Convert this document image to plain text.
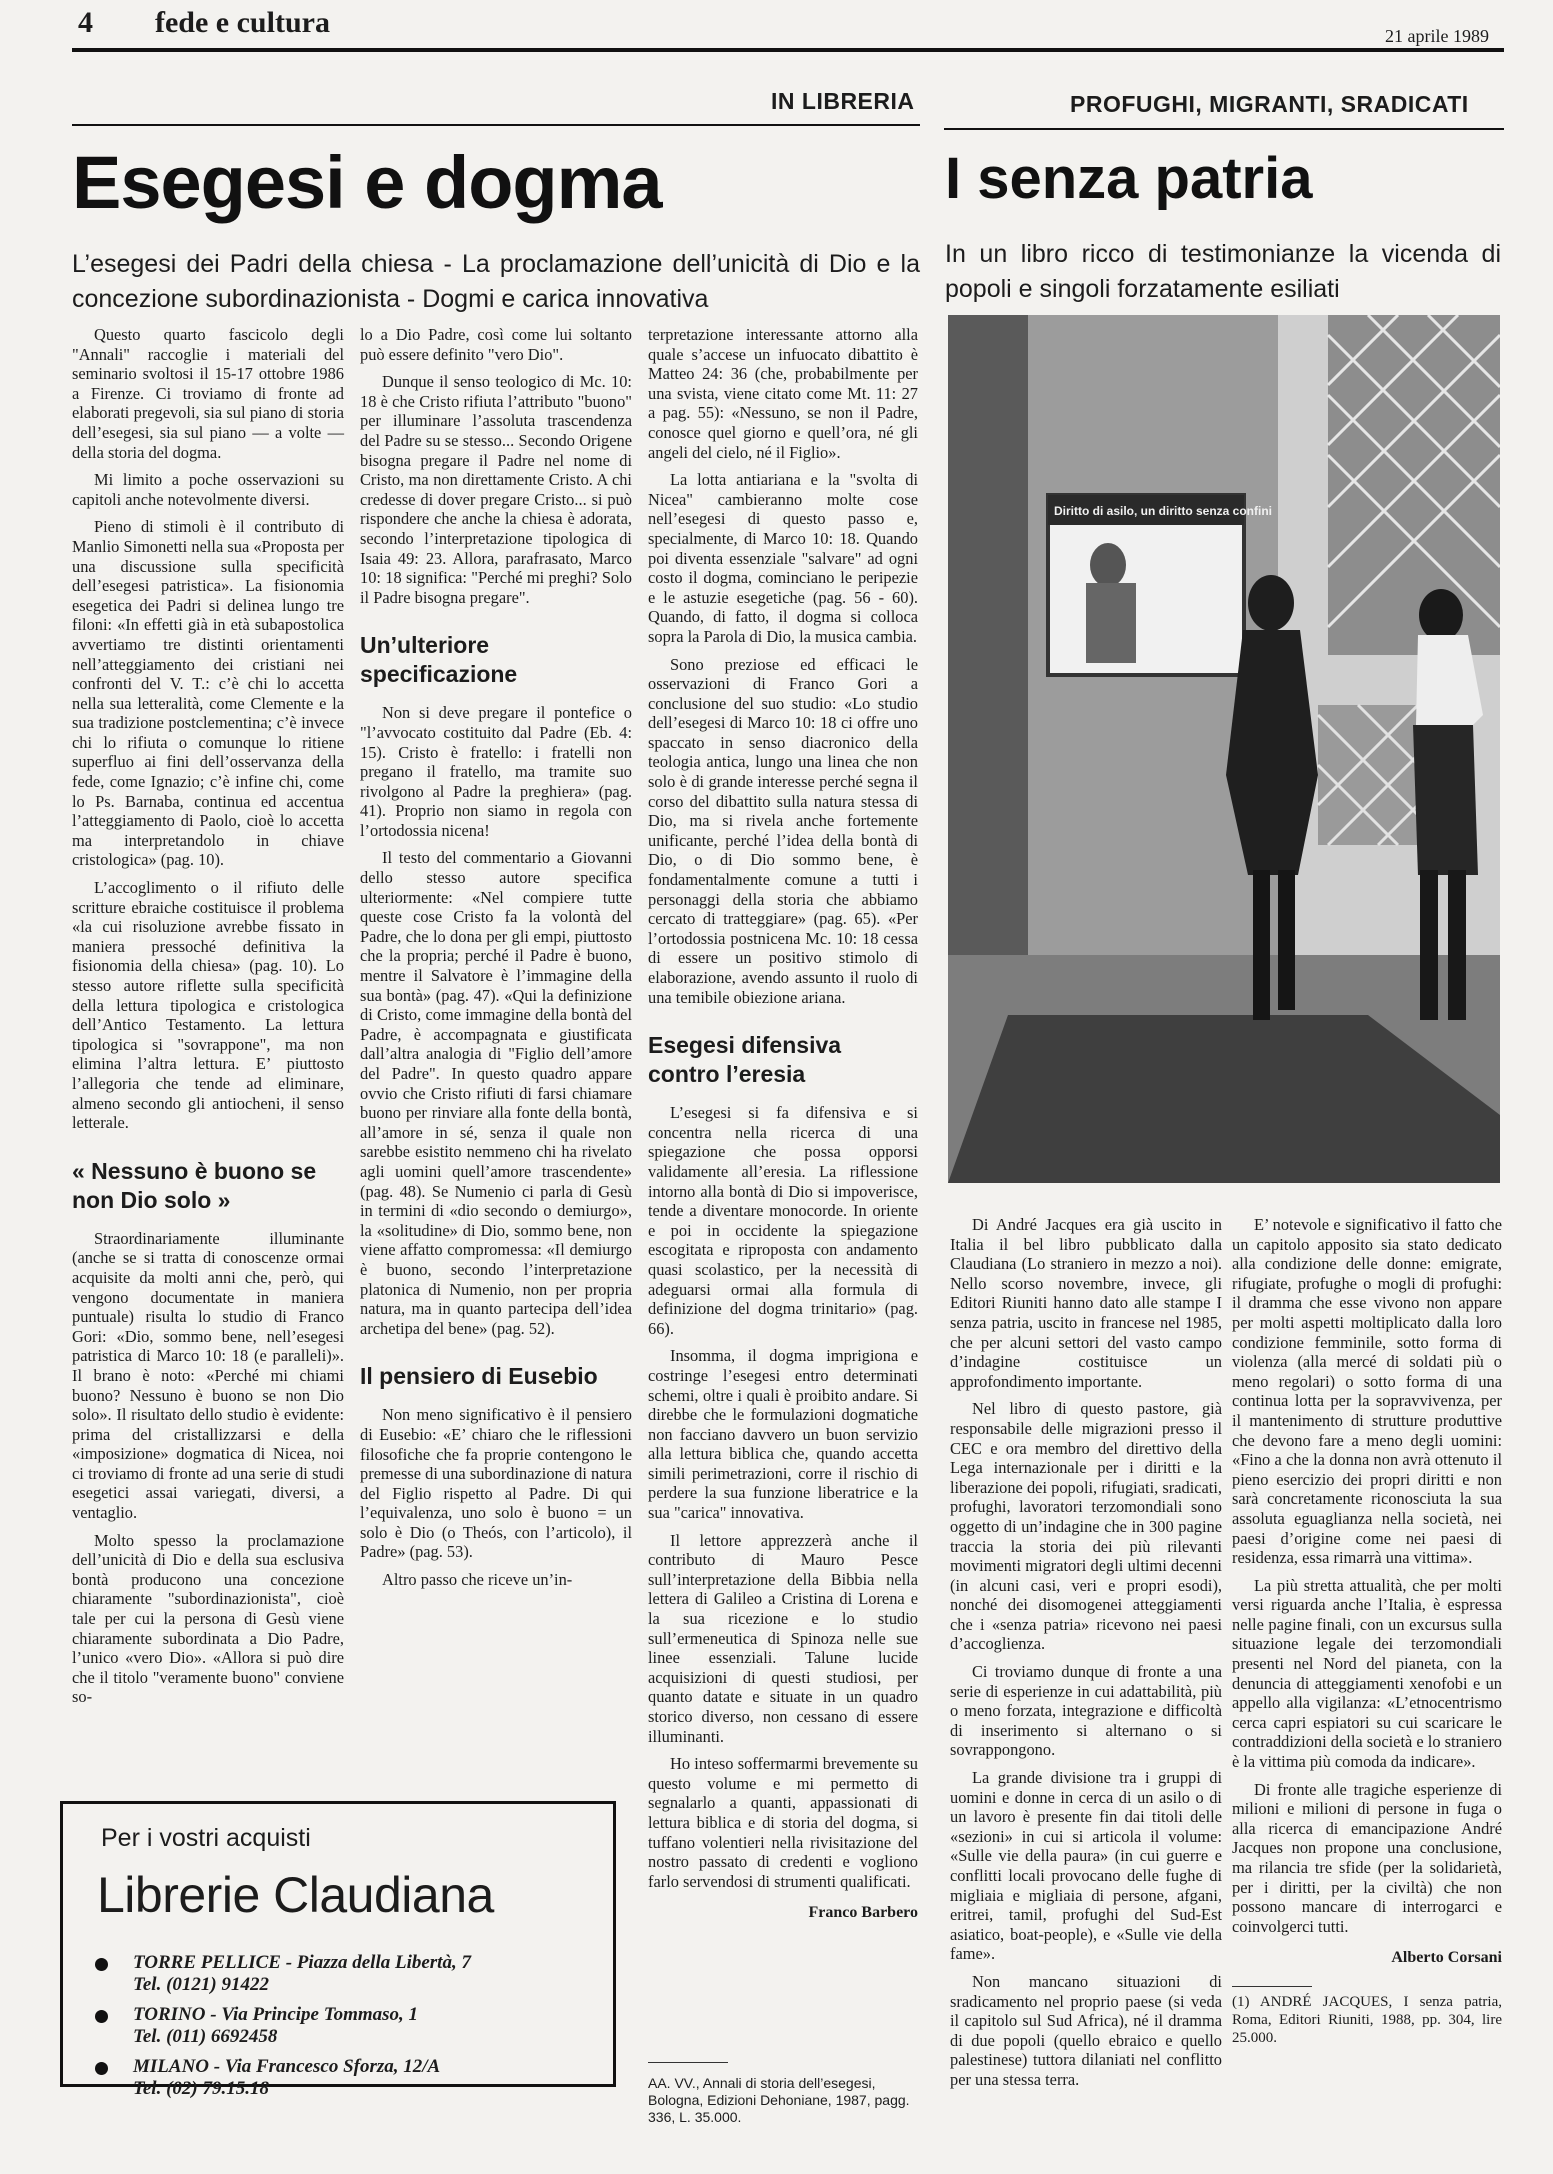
4 fede e cultura	21 aprile 1989
IN LIBRERIA	PROFUGHI, MIGRANTI, SRADICATI
Esegesi e dogma	I senza patria
L’esegesi dei Padri della chiesa - La proclamazione dell’unicità di Dio e la concezione subordinazionista - Dogmi e carica innovativa
In un libro ricco di testimonianze la vicenda di popoli e singoli forzatamente esiliati

Questo quarto fascicolo degli "Annali" raccoglie i materiali del seminario svoltosi il 15-17 ottobre 1986 a Firenze. Ci troviamo di fronte ad elaborati pregevoli, sia sul piano di storia dell’esegesi, sia sul piano — a volte — della storia del dogma.

Mi limito a poche osservazioni su capitoli anche notevolmente diversi.

Pieno di stimoli è il contributo di Manlio Simonetti nella sua «Proposta per una discussione sulla specificità dell’esegesi patristica». La fisionomia esegetica dei Padri si delinea lungo tre filoni: «In effetti già in età subapostolica avvertiamo tre distinti orientamenti nell’atteggiamento dei cristiani nei confronti del V. T.: c’è chi lo accetta nella sua letteralità, come Clemente e la sua tradizione postclementina; c’è invece chi lo rifiuta o comunque lo ritiene superfluo ai fini dell’osservanza della fede, come Ignazio; c’è infine chi, come lo Ps. Barnaba, continua ed accentua l’atteggiamento di Paolo, cioè lo accetta ma interpretandolo in chiave cristologica» (pag. 10).

L’accoglimento o il rifiuto delle scritture ebraiche costituisce il problema «la cui risoluzione avrebbe fissato in maniera pressoché definitiva la fisionomia della chiesa» (pag. 10). Lo stesso autore riflette sulla specificità della lettura tipologica e cristologica dell’Antico Testamento. La lettura tipologica si "sovrappone", ma non elimina l’altra lettura. E’ piuttosto l’allegoria che tende ad eliminare, almeno secondo gli antiocheni, il senso letterale.

« Nessuno è buono se non Dio solo »

Straordinariamente illuminante (anche se si tratta di conoscenze ormai acquisite da molti anni che, però, qui vengono documentate in maniera puntuale) risulta lo studio di Franco Gori: «Dio, sommo bene, nell’esegesi patristica di Marco 10: 18 (e paralleli)». Il brano è noto: «Perché mi chiami buono? Nessuno è buono se non Dio solo». Il risultato dello studio è evidente: prima del cristallizzarsi e della «imposizione» dogmatica di Nicea, noi ci troviamo di fronte ad una serie di studi esegetici assai variegati, diversi, a ventaglio.

Molto spesso la proclamazione dell’unicità di Dio e della sua esclusiva bontà producono una concezione chiaramente "subordinazionista", cioè tale per cui la persona di Gesù viene chiaramente subordinata a Dio Padre, l’unico «vero Dio». «Allora si può dire che il titolo "veramente buono" conviene so-

lo a Dio Padre, così come lui soltanto può essere definito "vero Dio".

Dunque il senso teologico di Mc. 10: 18 è che Cristo rifiuta l’attributo "buono" per illuminare l’assoluta trascendenza del Padre su se stesso... Secondo Origene bisogna pregare il Padre nel nome di Cristo, ma non direttamente Cristo. A chi credesse di dover pregare Cristo... si può rispondere che anche la chiesa è adorata, secondo l’interpretazione tipologica di Isaia 49: 23. Allora, parafrasato, Marco 10: 18 significa: "Perché mi preghi? Solo il Padre bisogna pregare".

Un’ulteriore specificazione

Non si deve pregare il pontefice o "l’avvocato costituito dal Padre (Eb. 4: 15). Cristo è fratello: i fratelli non pregano il fratello, ma tramite suo rivolgono al Padre la preghiera» (pag. 41). Proprio non siamo in regola con l’ortodossia nicena!

Il testo del commentario a Giovanni dello stesso autore specifica ulteriormente: «Nel compiere tutte queste cose Cristo fa la volontà del Padre, che lo dona per gli empi, piuttosto che la propria; perché il Padre è buono, mentre il Salvatore è l’immagine della sua bontà» (pag. 47). «Qui la definizione di Cristo, come immagine della bontà del Padre, è accompagnata e giustificata dall’altra analogia di "Figlio dell’amore del Padre". In questo quadro appare ovvio che Cristo rifiuti di farsi chiamare buono per rinviare alla fonte della bontà, all’amore in sé, senza il quale non sarebbe esistito nemmeno chi ha rivelato agli uomini quell’amore trascendente» (pag. 48). Se Numenio ci parla di Gesù in termini di «dio secondo o demiurgo», la «solitudine» di Dio, sommo bene, non viene affatto compromessa: «Il demiurgo è buono, secondo l’interpretazione platonica di Numenio, non per propria natura, ma in quanto partecipa dell’idea archetipa del bene» (pag. 52).

Il pensiero di Eusebio

Non meno significativo è il pensiero di Eusebio: «E’ chiaro che le riflessioni filosofiche che fa proprie contengono le premesse di una subordinazione di natura del Figlio rispetto al Padre. Di qui l’equivalenza, uno solo è buono = un solo è Dio (o Theós, con l’articolo), il Padre» (pag. 53).

Altro passo che riceve un’in-

terpretazione interessante attorno alla quale s’accese un infuocato dibattito è Matteo 24: 36 (che, probabilmente per una svista, viene citato come Mt. 11: 27 a pag. 55): «Nessuno, se non il Padre, conosce quel giorno e quell’ora, né gli angeli del cielo, né il Figlio».

La lotta antiariana e la "svolta di Nicea" cambieranno molte cose nell’esegesi di questo passo e, specialmente, di Marco 10: 18. Quando poi diventa essenziale "salvare" ad ogni costo il dogma, cominciano le peripezie e le astuzie esegetiche (pag. 56 - 60). Quando, di fatto, il dogma si colloca sopra la Parola di Dio, la musica cambia.

Sono preziose ed efficaci le osservazioni di Franco Gori a conclusione del suo studio: «Lo studio dell’esegesi di Marco 10: 18 ci offre uno spaccato in senso diacronico della teologia antica, lungo una linea che non solo è di grande interesse perché segna il corso del dibattito sulla natura stessa di Dio, ma si rivela anche fortemente unificante, perché l’idea della bontà di Dio, o di Dio sommo bene, è fondamentalmente comune a tutti i personaggi della storia che abbiamo cercato di tratteggiare» (pag. 65). «Per l’ortodossia postnicena Mc. 10: 18 cessa di essere un positivo stimolo di elaborazione, avendo assunto il ruolo di una temibile obiezione ariana.

Esegesi difensiva contro l’eresia

L’esegesi si fa difensiva e si concentra nella ricerca di una spiegazione che possa opporsi validamente all’eresia. La riflessione intorno alla bontà di Dio si impoverisce, tende a diventare monocorde. In oriente e poi in occidente la spiegazione escogitata e riproposta con andamento quasi scolastico, per la necessità di adeguarsi ormai alla formula di definizione del dogma trinitario» (pag. 66).

Insomma, il dogma imprigiona e costringe l’esegesi entro determinati schemi, oltre i quali è proibito andare. Si direbbe che le formulazioni dogmatiche non facciano davvero un buon servizio alla lettura biblica che, quando accetta simili perimetrazioni, corre il rischio di perdere la sua funzione liberatrice e la sua "carica" innovativa.

Il lettore apprezzerà anche il contributo di Mauro Pesce sull’interpretazione della Bibbia nella lettera di Galileo a Cristina di Lorena e la sua ricezione e lo studio sull’ermeneutica di Spinoza nelle sue linee essenziali. Talune lucide acquisizioni di questi studiosi, per quanto datate e situate in un quadro storico diverso, non cessano di essere illuminanti.

Ho inteso soffermarmi brevemente su questo volume e mi permetto di segnalarlo a quanti, appassionati di lettura biblica e di storia del dogma, si tuffano volentieri nella rivisitazione del nostro passato di credenti e vogliono farlo servendosi di strumenti qualificati.

Franco Barbero
AA. VV., Annali di storia dell’esegesi, Bologna, Edizioni Dehoniane, 1987, pagg. 336, L. 35.000.
Diritto di asilo, un diritto senza confini

Di André Jacques era già uscito in Italia il bel libro pubblicato dalla Claudiana (Lo straniero in mezzo a noi). Nello scorso novembre, invece, gli Editori Riuniti hanno dato alle stampe I senza patria, uscito in francese nel 1985, che per alcuni settori del vasto campo d’indagine costituisce un approfondimento importante.

Nel libro di questo pastore, già responsabile delle migrazioni presso il CEC e ora membro del direttivo della Lega internazionale per i diritti e la liberazione dei popoli, rifugiati, sradicati, profughi, lavoratori terzomondiali sono oggetto di un’indagine che in 300 pagine traccia la storia dei più rilevanti movimenti migratori degli ultimi decenni (in alcuni casi, veri e propri esodi), nonché dei disomogenei atteggiamenti che i «senza patria» ricevono nei paesi d’accoglienza.

Ci troviamo dunque di fronte a una serie di esperienze in cui adattabilità, più o meno forzata, integrazione e difficoltà di inserimento si alternano o si sovrappongono.

La grande divisione tra i gruppi di uomini e donne in cerca di un asilo o di un lavoro è presente fin dai titoli delle «sezioni» in cui si articola il volume: «Sulle vie della paura» (in cui guerre e conflitti locali provocano delle fughe di migliaia e migliaia di persone, afgani, eritrei, tamil, profughi del Sud-Est asiatico, boat-people), e «Sulle vie della fame».

Non mancano situazioni di sradicamento nel proprio paese (si veda il capitolo sul Sud Africa), né il dramma di due popoli (quello ebraico e quello palestinese) tuttora dilaniati nel conflitto per una stessa terra.

E’ notevole e significativo il fatto che un capitolo apposito sia stato dedicato alla condizione delle donne: emigrate, rifugiate, profughe o mogli di profughi: il dramma che esse vivono non appare per molti aspetti moltiplicato dalla loro condizione femminile, sotto forma di violenza (alla mercé di soldati più o meno regolari) o sotto forma di una continua lotta per la sopravvivenza, per il mantenimento di strutture produttive che devono fare a meno degli uomini: «Fino a che la donna non avrà ottenuto il pieno esercizio dei propri diritti e non sarà concretamente riconosciuta la sua assoluta eguaglianza nella società, nei paesi d’origine come nei paesi di residenza, essa rimarrà una vittima».

La più stretta attualità, che per molti versi riguarda anche l’Italia, è espressa nelle pagine finali, con un excursus sulla situazione legale dei terzomondiali presenti nel Nord del pianeta, con la denuncia di atteggiamenti xenofobi e un appello alla vigilanza: «L’etnocentrismo cerca capri espiatori su cui scaricare le contraddizioni della società e lo straniero è la vittima più comoda da indicare».

Di fronte alle tragiche esperienze di milioni e milioni di persone in fuga o alla ricerca di emancipazione André Jacques non propone una conclusione, ma rilancia tre sfide (per la solidarietà, per i diritti, per la civiltà) che non possono mancare di interrogarci e coinvolgerci tutti.

Alberto Corsani
(1) ANDRÉ JACQUES, I senza patria, Roma, Editori Riuniti, 1988, pp. 304, lire 25.000.
Per i vostri acquisti
Librerie Claudiana
TORRE PELLICE - Piazza della Libertà, 7
Tel. (0121) 91422
TORINO - Via Principe Tommaso, 1
Tel. (011) 6692458
MILANO - Via Francesco Sforza, 12/A
Tel. (02) 79.15.18
